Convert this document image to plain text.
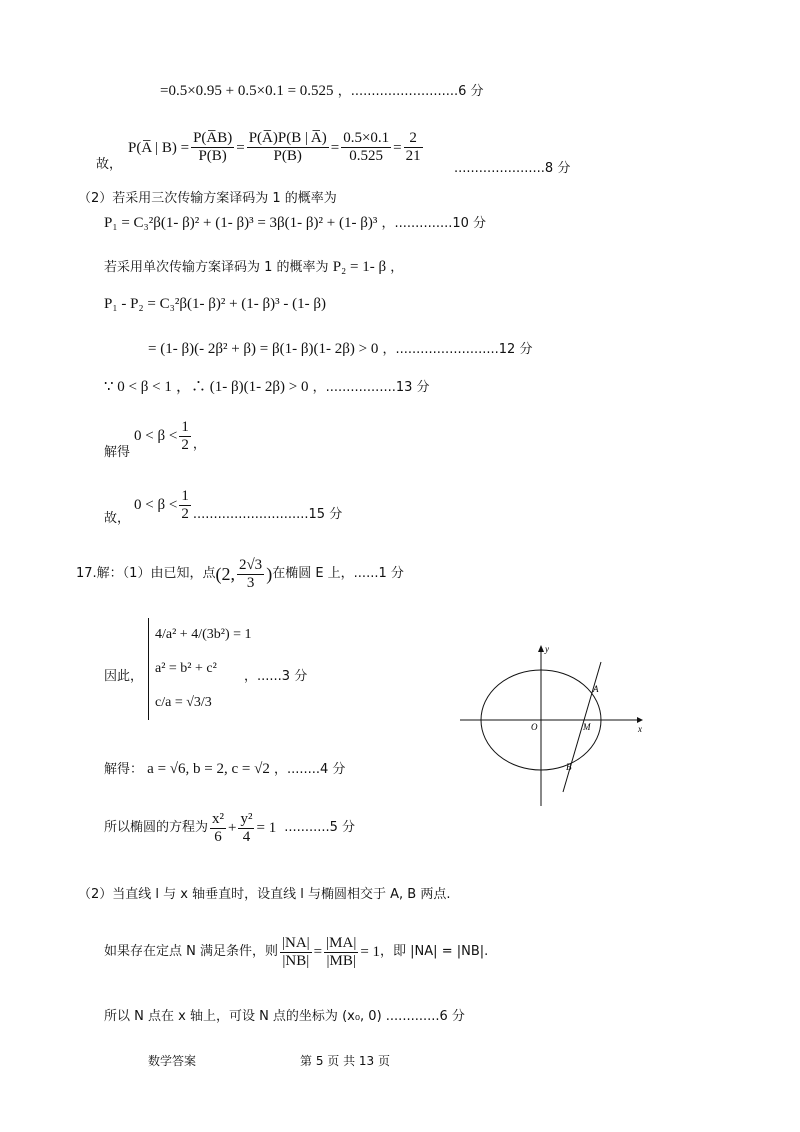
=0.5×0.95 + 0.5×0.1 = 0.525 ，..........................6 分
故，
P(A̅ | $B) = \frac{P(A̅B)}{P(B)} = \frac{P(A̅)P(B | A̅)}{P(B)} = \frac{0.5\times 0.1}{0.525} = \frac{2}{21}$
......................8 分
（2）若采用三次传输方案译码为 1 的概率为
P₁ = C₃²β(1- β)² + (1- β)³ = 3β(1- β)² + (1- β)³ ，..............10 分
若采用单次传输方案译码为 1 的概率为 P₂ = 1- β ，
P₁ - P₂ = C₃²β(1- β)² + (1- β)³ - (1- β)
= (1- β)(- 2β² + β) = β(1- β)(1- 2β) > 0 ，.........................12 分
∵ 0 < β < 1 ，∴ (1- β)(1- 2β) > 0 ，.................13 分
解得
$0 < \beta < \frac{1}{2}$ ，
故，
$0 < \beta < \frac{1}{2} ............................15$ 分
17.解：（1）由已知，点 (2, $\frac{2√3}{3}$ ) 在椭圆 E 上，......1 分
因此，
4/a² + 4/(3b²) = 1
a² = b² + c²
c/a = √3/3
，......3 分
解得： a = √6, b = 2, c = √2 ，........4 分
所以椭圆的方程为 $\frac{\text{x²}}{6} + \frac{\text{y²}}{4} = 1$ ...........5 分
（2）当直线 l 与 x 轴垂直时，设直线 l 与椭圆相交于 A, B 两点.
如果存在定点 N 满足条件，则 $\frac{|NA|}{|NB|} = \frac{|MA|}{|MB|} = 1$ ，即 |NA| = |NB|.
所以 N 点在 x 轴上，可设 N 点的坐标为 (x₀, 0) .............6 分
数学答案	第 5 页 共 13 页
x
y
O	M
A
B
